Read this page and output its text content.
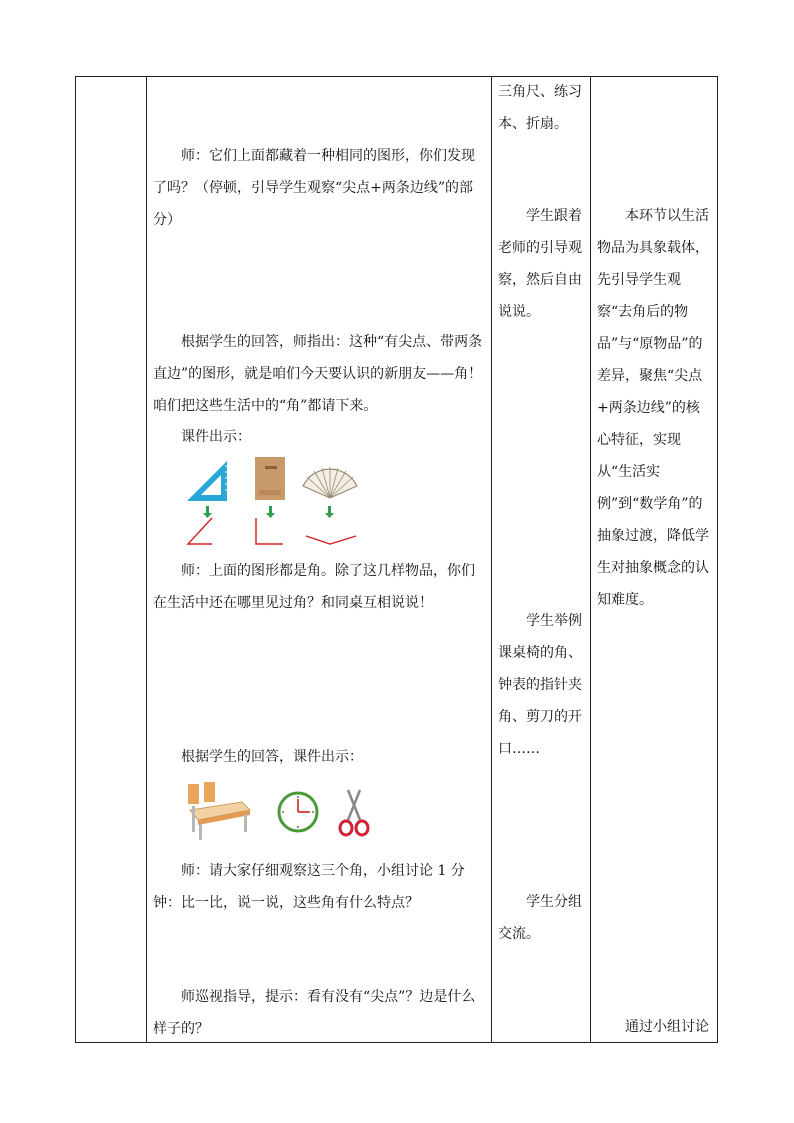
三角尺、练习本、折扇。
学生跟着老师的引导观察，然后自由说说。
学生举例课桌椅的角、钟表的指针夹角、剪刀的开口……
学生分组交流。
本环节以生活物品为具象载体，先引导学生观察“去角后的物品”与“原物品”的差异，聚焦“尖点+两条边线”的核心特征，实现从“生活实例”到“数学角”的抽象过渡，降低学生对抽象概念的认知难度。
通过小组讨论
师：它们上面都藏着一种相同的图形，你们发现了吗？（停顿，引导学生观察“尖点+两条边线”的部分）
根据学生的回答，师指出：这种“有尖点、带两条直边”的图形，就是咱们今天要认识的新朋友——角！咱们把这些生活中的“角”都请下来。
课件出示：
师：上面的图形都是角。除了这几样物品，你们在生活中还在哪里见过角？和同桌互相说说！
根据学生的回答，课件出示：
师：请大家仔细观察这三个角，小组讨论 1 分钟：比一比，说一说，这些角有什么特点？
师巡视指导，提示：看有没有“尖点”？边是什么样子的？
